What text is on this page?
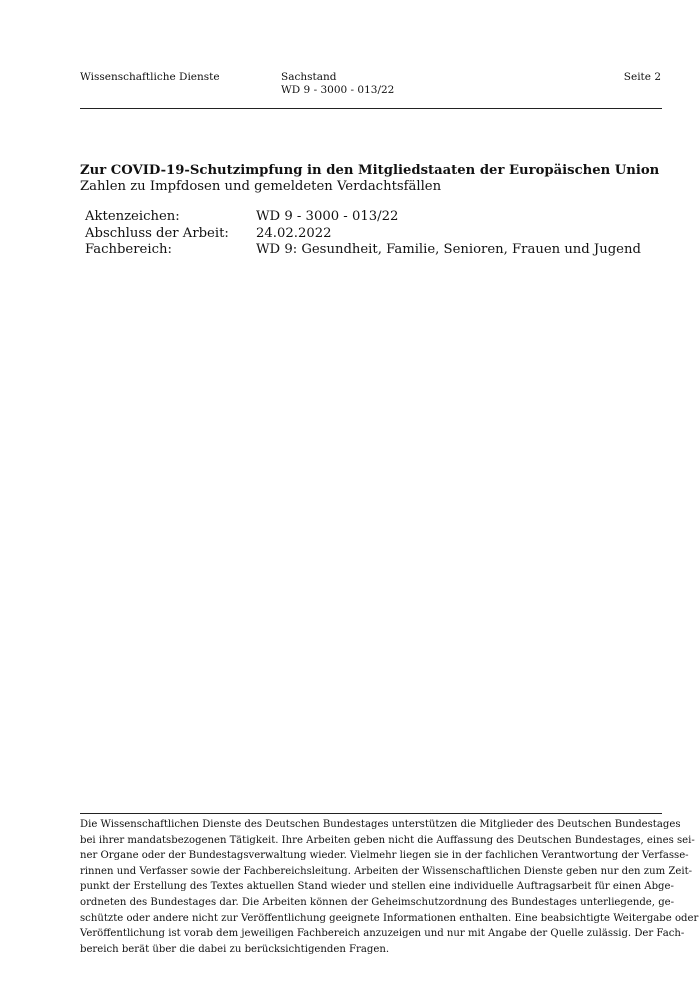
Wissenschaftliche Dienste	Sachstand
WD 9 - 3000 - 013/22
Seite 2
Zur COVID-19-Schutzimpfung in den Mitgliedstaaten der Europäischen Union
Zahlen zu Impfdosen und gemeldeten Verdachtsfällen
Aktenzeichen:	WD 9 - 3000 - 013/22
Abschluss der Arbeit:	24.02.2022
Fachbereich:	WD 9: Gesundheit, Familie, Senioren, Frauen und Jugend
Die Wissenschaftlichen Dienste des Deutschen Bundestages unterstützen die Mitglieder des Deutschen Bundestages
bei ihrer mandatsbezogenen Tätigkeit. Ihre Arbeiten geben nicht die Auffassung des Deutschen Bundestages, eines sei-
ner Organe oder der Bundestagsverwaltung wieder. Vielmehr liegen sie in der fachlichen Verantwortung der Verfasse-
rinnen und Verfasser sowie der Fachbereichsleitung. Arbeiten der Wissenschaftlichen Dienste geben nur den zum Zeit-
punkt der Erstellung des Textes aktuellen Stand wieder und stellen eine individuelle Auftragsarbeit für einen Abge-
ordneten des Bundestages dar. Die Arbeiten können der Geheimschutzordnung des Bundestages unterliegende, ge-
schützte oder andere nicht zur Veröffentlichung geeignete Informationen enthalten. Eine beabsichtigte Weitergabe oder
Veröffentlichung ist vorab dem jeweiligen Fachbereich anzuzeigen und nur mit Angabe der Quelle zulässig. Der Fach-
bereich berät über die dabei zu berücksichtigenden Fragen.
